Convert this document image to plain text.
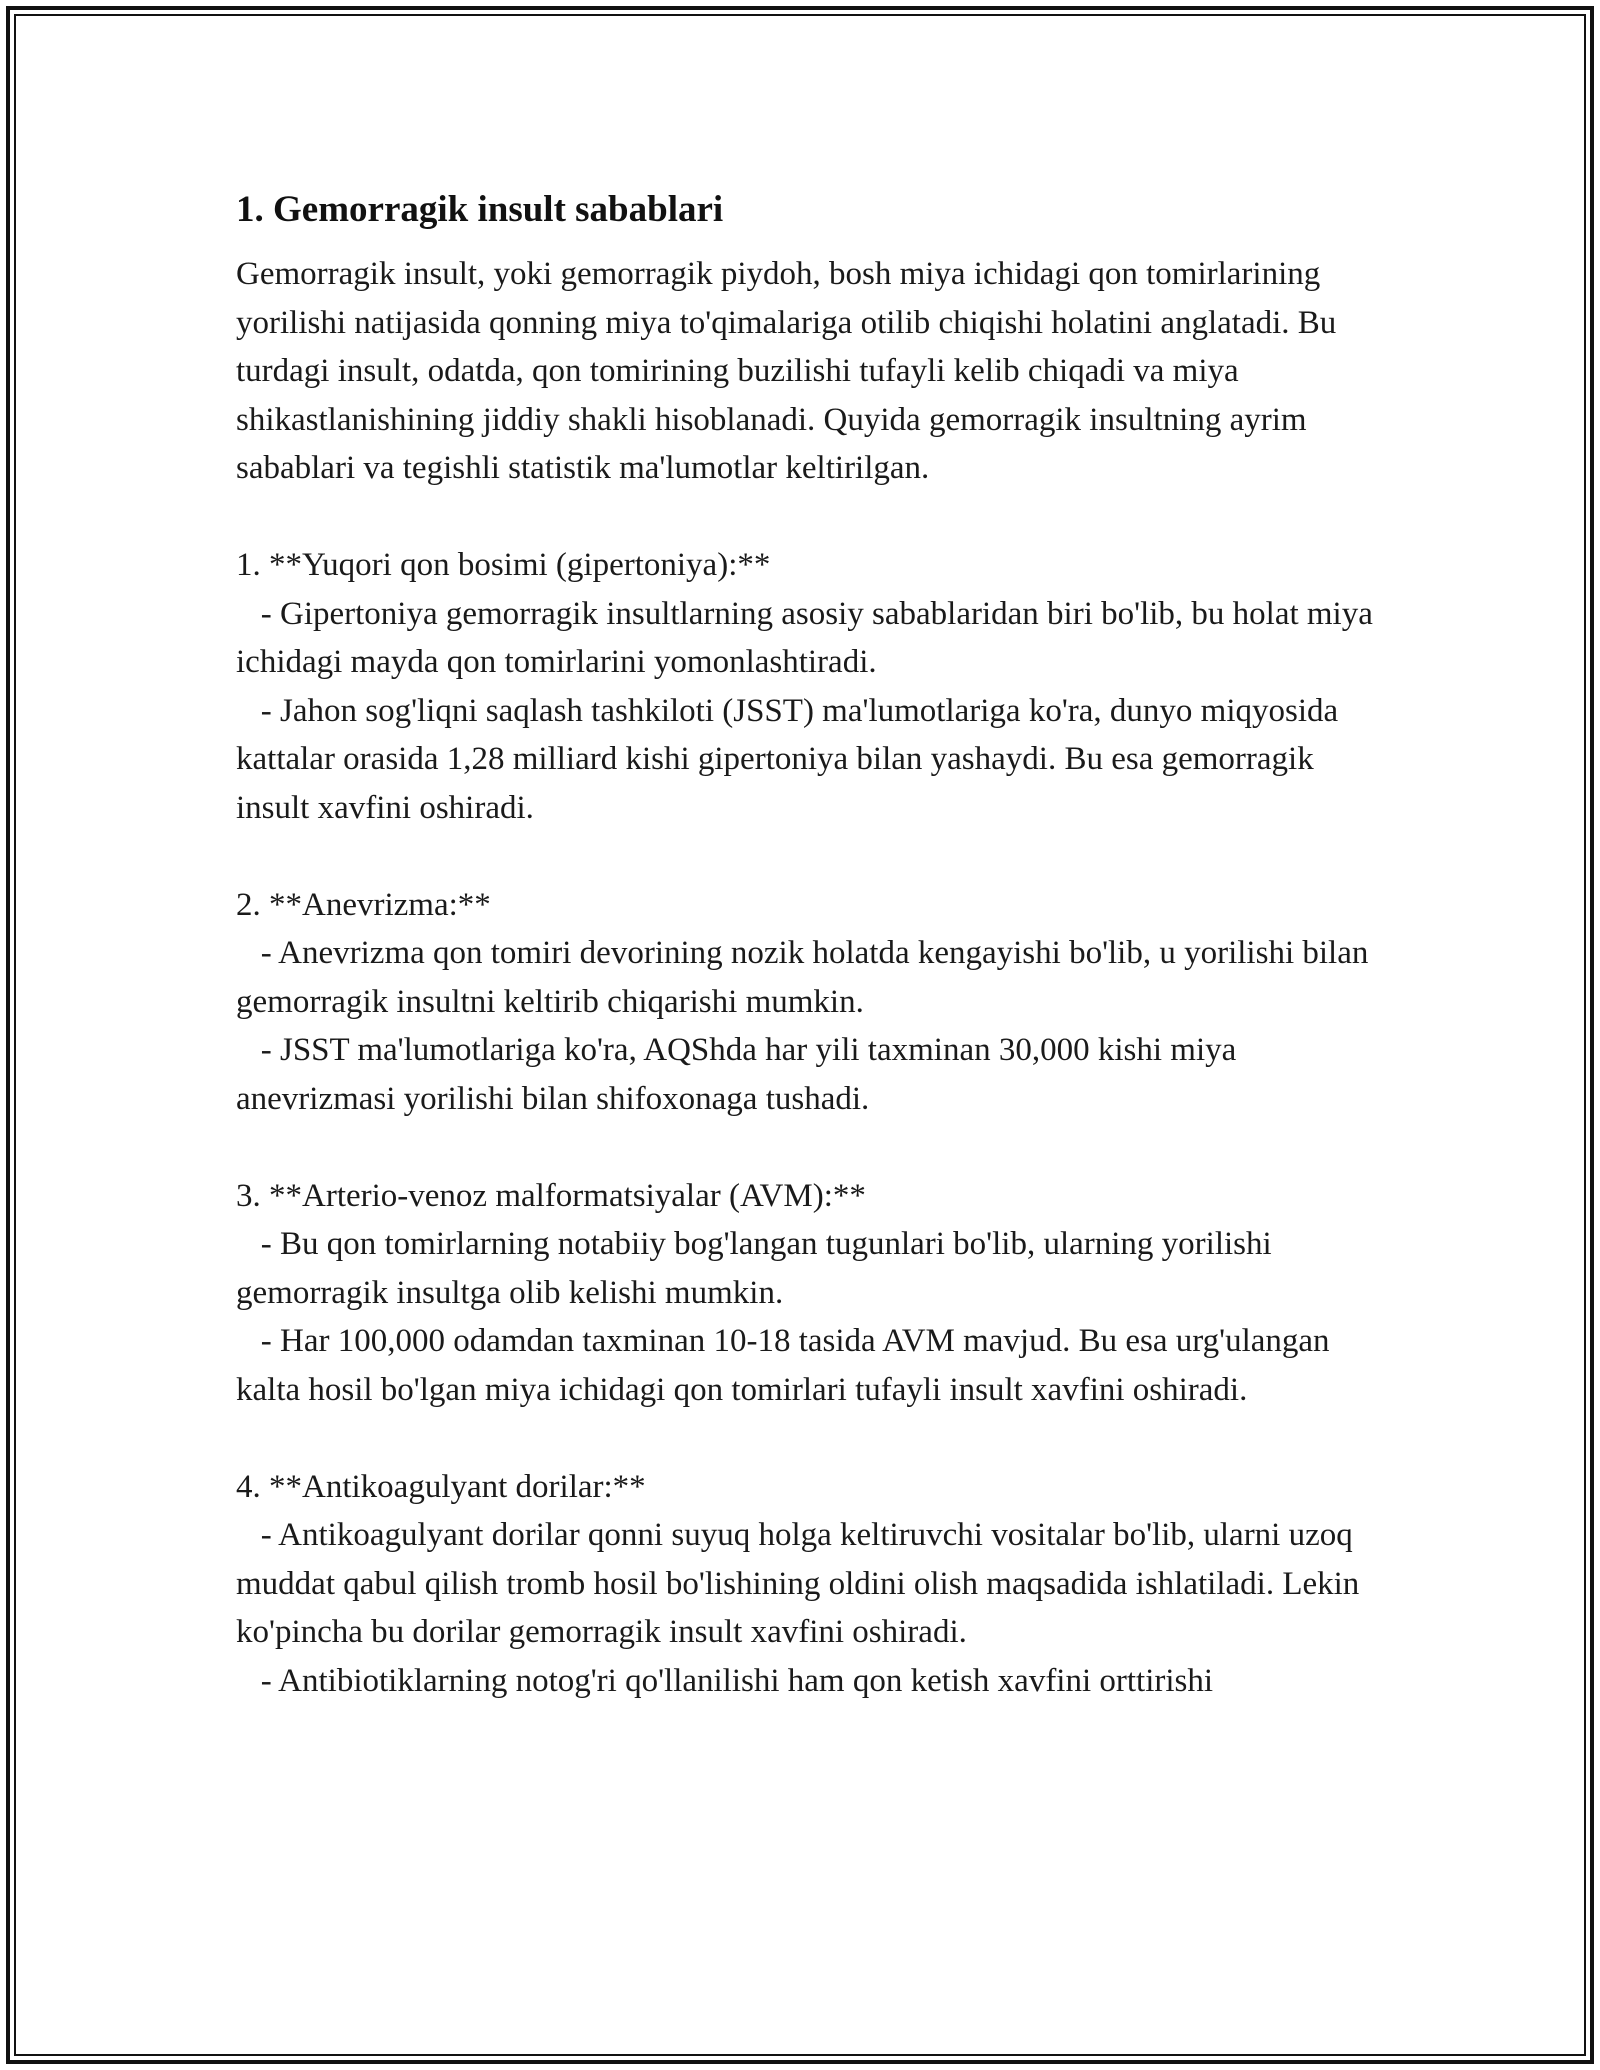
1. Gemorragik insult sabablari

Gemorragik insult, yoki gemorragik piydoh, bosh miya ichidagi qon tomirlarining yorilishi natijasida qonning miya to'qimalariga otilib chiqishi holatini anglatadi. Bu turdagi insult, odatda, qon tomirining buzilishi tufayli kelib chiqadi va miya shikastlanishining jiddiy shakli hisoblanadi. Quyida gemorragik insultning ayrim sabablari va tegishli statistik ma'lumotlar keltirilgan.

1. **Yuqori qon bosimi (gipertoniya):**

- Gipertoniya gemorragik insultlarning asosiy sabablaridan biri bo'lib, bu holat miya ichidagi mayda qon tomirlarini yomonlashtiradi.

- Jahon sog'liqni saqlash tashkiloti (JSST) ma'lumotlariga ko'ra, dunyo miqyosida kattalar orasida 1,28 milliard kishi gipertoniya bilan yashaydi. Bu esa gemorragik insult xavfini oshiradi.

2. **Anevrizma:**

- Anevrizma qon tomiri devorining nozik holatda kengayishi bo'lib, u yorilishi bilan gemorragik insultni keltirib chiqarishi mumkin.

- JSST ma'lumotlariga ko'ra, AQShda har yili taxminan 30,000 kishi miya anevrizmasi yorilishi bilan shifoxonaga tushadi.

3. **Arterio-venoz malformatsiyalar (AVM):**

- Bu qon tomirlarning notabiiy bog'langan tugunlari bo'lib, ularning yorilishi gemorragik insultga olib kelishi mumkin.

- Har 100,000 odamdan taxminan 10-18 tasida AVM mavjud. Bu esa urg'ulangan kalta hosil bo'lgan miya ichidagi qon tomirlari tufayli insult xavfini oshiradi.

4. **Antikoagulyant dorilar:**

- Antikoagulyant dorilar qonni suyuq holga keltiruvchi vositalar bo'lib, ularni uzoq muddat qabul qilish tromb hosil bo'lishining oldini olish maqsadida ishlatiladi. Lekin ko'pincha bu dorilar gemorragik insult xavfini oshiradi.

- Antibiotiklarning notog'ri qo'llanilishi ham qon ketish xavfini orttirishi
